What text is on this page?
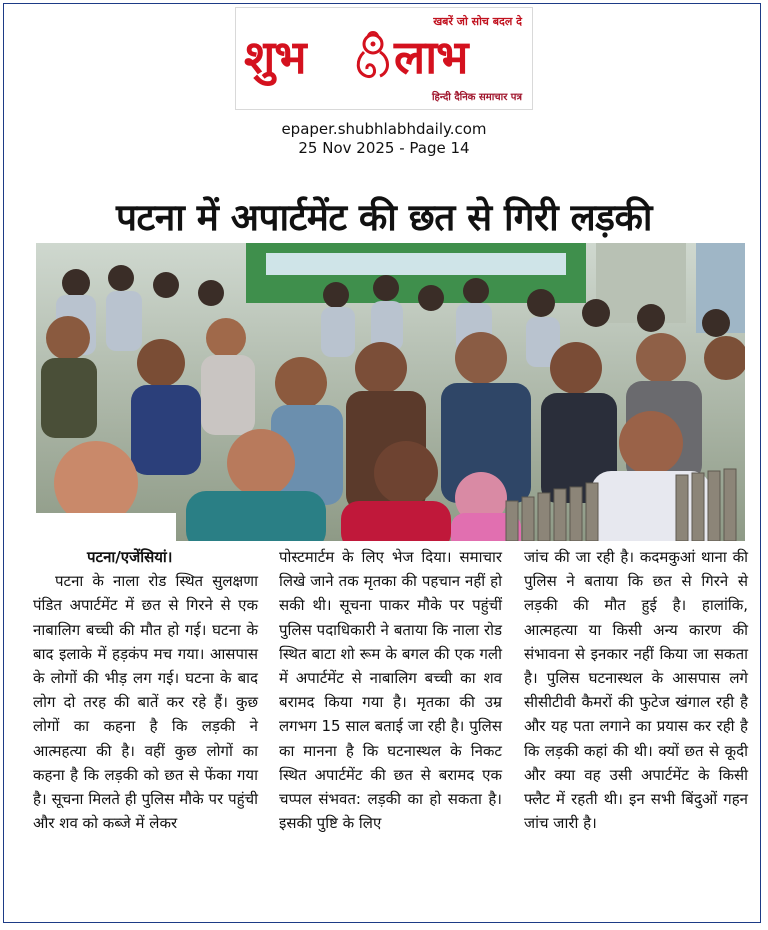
खबरें जो सोच बदल दे
शुभ लाभ
हिन्दी दैनिक समाचार पत्र
epaper.shubhlabhdaily.com
25 Nov 2025 - Page 14
पटना में अपार्टमेंट की छत से गिरी लड़की
पटना/एजेंसियां।

पटना के नाला रोड स्थित सुलक्षणा पंडित अपार्टमेंट में छत से गिरने से एक नाबालिग बच्ची की मौत हो गई। घटना के बाद इलाके में हड़कंप मच गया। आसपास के लोगों की भीड़ लग गई। घटना के बाद लोग दो तरह की बातें कर रहे हैं। कुछ लोगों का कहना है कि लड़की ने आत्महत्या की है। वहीं कुछ लोगों का कहना है कि लड़की को छत से फेंका गया है। सूचना मिलते ही पुलिस मौके पर पहुंची और शव को कब्जे में लेकर

पोस्टमार्टम के लिए भेज दिया। समाचार लिखे जाने तक मृतका की पहचान नहीं हो सकी थी। सूचना पाकर मौके पर पहुंचीं पुलिस पदाधिकारी ने बताया कि नाला रोड स्थित बाटा शो रूम के बगल की एक गली में अपार्टमेंट से नाबालिग बच्ची का शव बरामद किया गया है। मृतका की उम्र लगभग 15 साल बताई जा रही है। पुलिस का मानना है कि घटनास्थल के निकट स्थित अपार्टमेंट की छत से बरामद एक चप्पल संभवत: लड़की का हो सकता है। इसकी पुष्टि के लिए

जांच की जा रही है। कदमकुआं थाना की पुलिस ने बताया कि छत से गिरने से लड़की की मौत हुई है। हालांकि, आत्महत्या या किसी अन्य कारण की संभावना से इनकार नहीं किया जा सकता है। पुलिस घटनास्थल के आसपास लगे सीसीटीवी कैमरों की फुटेज खंगाल रही है और यह पता लगाने का प्रयास कर रही है कि लड़की कहां की थी। क्यों छत से कूदी और क्या वह उसी अपार्टमेंट के किसी फ्लैट में रहती थी। इन सभी बिंदुओं गहन जांच जारी है।
